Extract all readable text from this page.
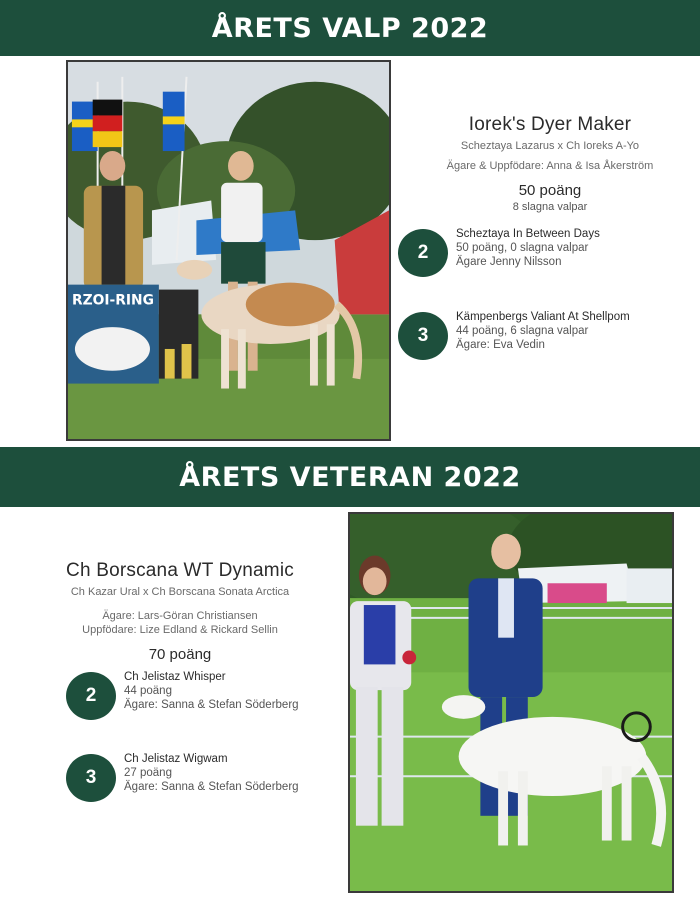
ÅRETS VALP 2022
RZOI-RING
Iorek's Dyer Maker
Scheztaya Lazarus x Ch Ioreks A-Yo
Ägare & Uppfödare: Anna & Isa Åkerström
50 poäng
8 slagna valpar
2
Scheztaya In Between Days
50 poäng, 0 slagna valpar
Ägare Jenny Nilsson
3
Kämpenbergs Valiant At Shellpom
44 poäng, 6 slagna valpar
Ägare: Eva Vedin
ÅRETS VETERAN 2022
Ch Borscana WT Dynamic
Ch Kazar Ural x Ch Borscana Sonata Arctica
Ägare: Lars-Göran Christiansen
Uppfödare: Lize Edland & Rickard Sellin
70 poäng
2
Ch Jelistaz Whisper
44 poäng
Ägare: Sanna & Stefan Söderberg
3
Ch Jelistaz Wigwam
27 poäng
Ägare: Sanna & Stefan Söderberg
